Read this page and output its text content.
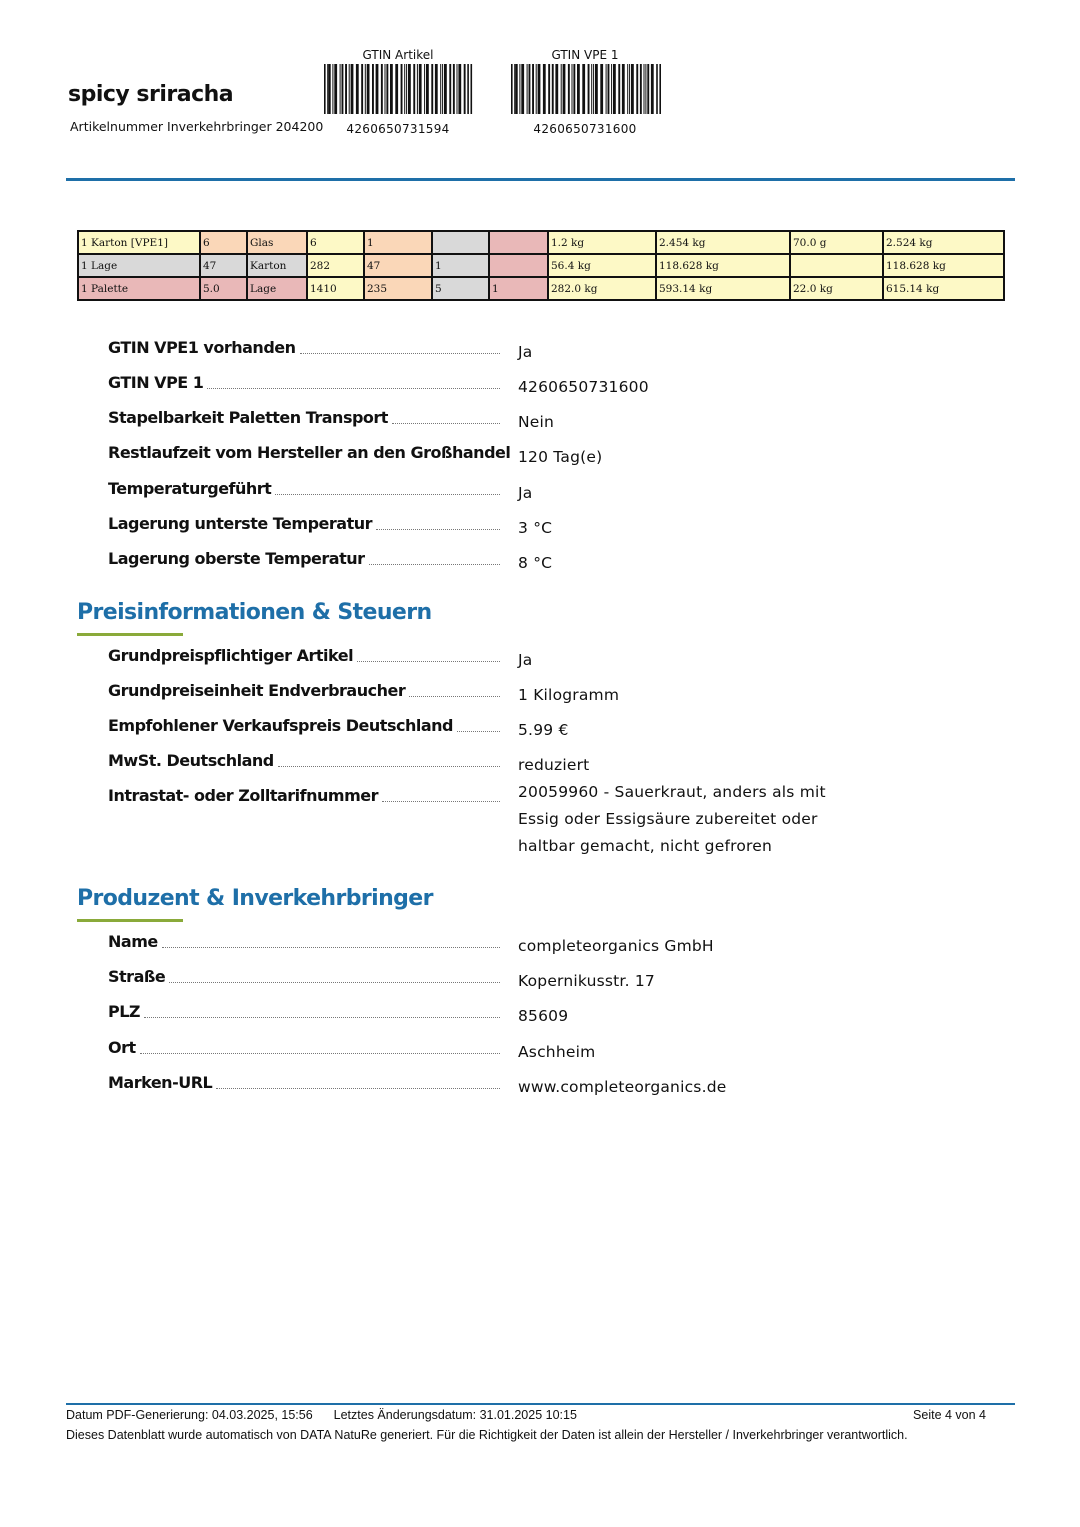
spicy sriracha
Artikelnummer Inverkehrbringer 204200
GTIN Artikel
4260650731594
GTIN VPE 1
4260650731600
1 Karton [VPE1]	6	Glas	6	1			1.2 kg	2.454 kg	70.0 g	2.524 kg
1 Lage	47	Karton	282	47	1		56.4 kg	118.628 kg		118.628 kg
1 Palette	5.0	Lage	1410	235	5	1	282.0 kg	593.14 kg	22.0 kg	615.14 kg
GTIN VPE1 vorhanden	Ja
GTIN VPE 1	4260650731600
Stapelbarkeit Paletten Transport	Nein
Restlaufzeit vom Hersteller an den Großhandel 120 Tag(e)
Temperaturgeführt	Ja
Lagerung unterste Temperatur	3 °C
Lagerung oberste Temperatur	8 °C
Preisinformationen & Steuern
Grundpreispflichtiger Artikel	Ja
Grundpreiseinheit Endverbraucher	1 Kilogramm
Empfohlener Verkaufspreis Deutschland	5.99 €
MwSt. Deutschland	reduziert
Intrastat- oder Zolltarifnummer	20059960 - Sauerkraut, anders als mit Essig oder Essigsäure zubereitet oder haltbar gemacht, nicht gefroren
Produzent & Inverkehrbringer
Name	completeorganics GmbH
Straße	Kopernikusstr. 17
PLZ	85609
Ort	Aschheim
Marken-URL	www.completeorganics.de
Datum PDF-Generierung: 04.03.2025, 15:56 Letztes Änderungsdatum: 31.01.2025 10:15	Seite 4 von 4
Dieses Datenblatt wurde automatisch von DATA NatuRe generiert. Für die Richtigkeit der Daten ist allein der Hersteller / Inverkehrbringer verantwortlich.
